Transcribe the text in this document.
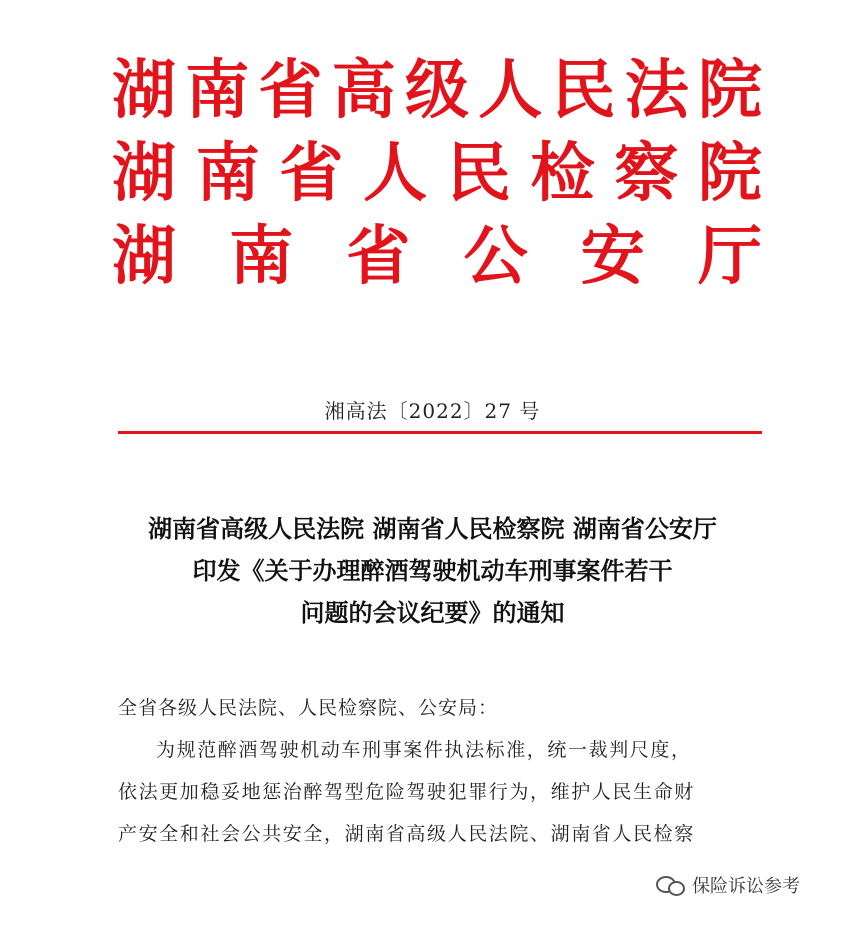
湖 南 省 高 级 人 民 法 院
湖 南 省 人 民 检 察 院
湖 南 省 公 安 厅
湘高法〔2022〕27 号
湖南省高级人民法院 湖南省人民检察院 湖南省公安厅
印发《关于办理醉酒驾驶机动车刑事案件若干
问题的会议纪要》的通知
全省各级人民法院、人民检察院、公安局：
为规范醉酒驾驶机动车刑事案件执法标准，统一裁判尺度，
依法更加稳妥地惩治醉驾型危险驾驶犯罪行为，维护人民生命财
产安全和社会公共安全，湖南省高级人民法院、湖南省人民检察
保险诉讼参考
